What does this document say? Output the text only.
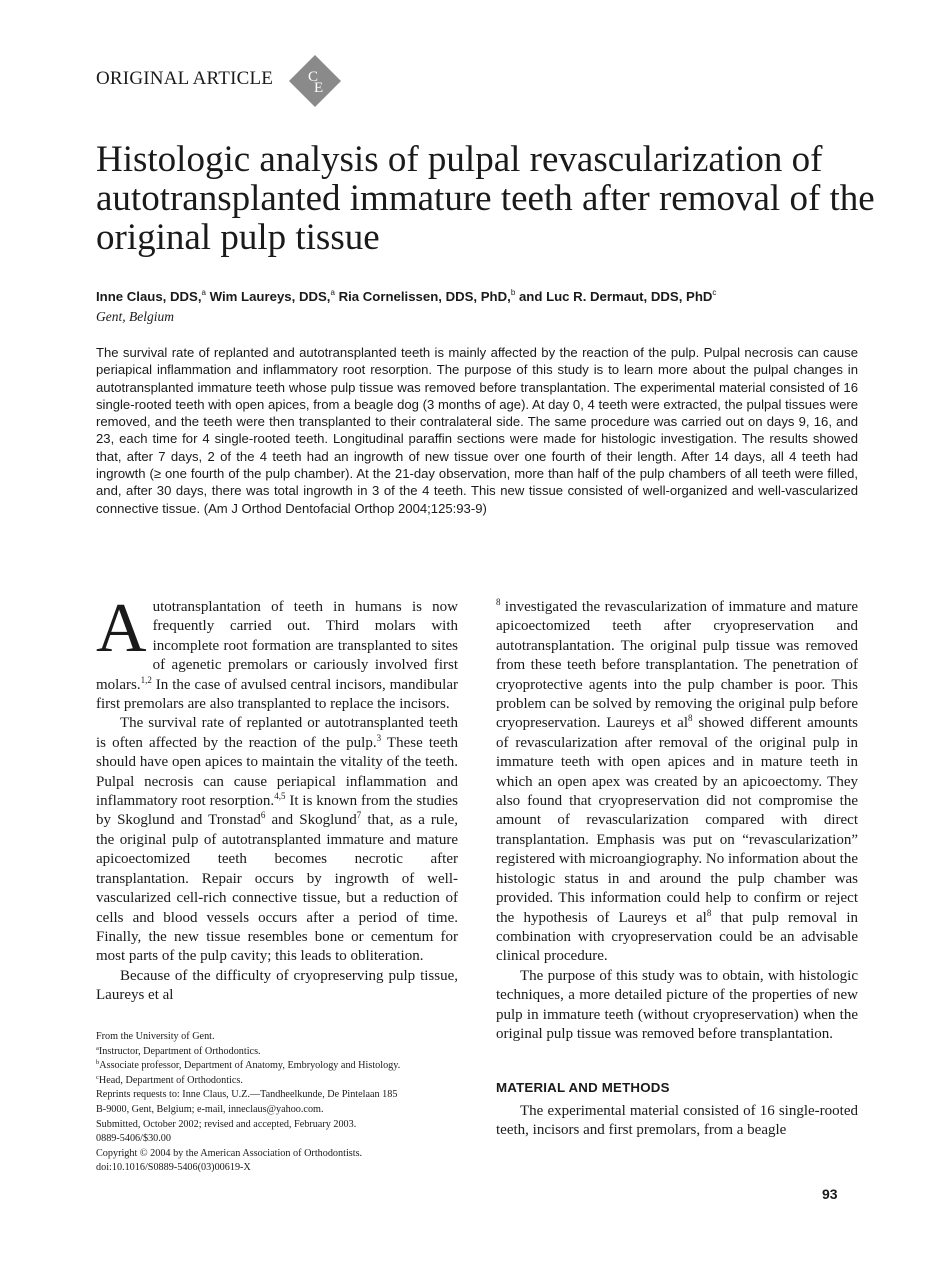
ORIGINAL ARTICLE C
E
Histologic analysis of pulpal revascularization of autotransplanted immature teeth after removal of the original pulp tissue
Inne Claus, DDS,$^a$ Wim Laureys, DDS,$^a$ Ria Cornelissen, DDS, PhD,$^b$ and Luc R. Dermaut, DDS, PhD$^c$
Gent, Belgium

The survival rate of replanted and autotransplanted teeth is mainly affected by the reaction of the pulp. Pulpal necrosis can cause periapical inflammation and inflammatory root resorption. The purpose of this study is to learn more about the pulpal changes in autotransplanted immature teeth whose pulp tissue was removed before transplantation. The experimental material consisted of 16 single-rooted teeth with open apices, from a beagle dog (3 months of age). At day 0, 4 teeth were extracted, the pulpal tissues were removed, and the teeth were then transplanted to their contralateral side. The same procedure was carried out on days 9, 16, and 23, each time for 4 single-rooted teeth. Longitudinal paraffin sections were made for histologic investigation. The results showed that, after 7 days, 2 of the 4 teeth had an ingrowth of new tissue over one fourth of their length. After 14 days, all 4 teeth had ingrowth (≥ one fourth of the pulp chamber). At the 21-day observation, more than half of the pulp chambers of all teeth were filled, and, after 30 days, there was total ingrowth in 3 of the 4 teeth. This new tissue consisted of well-organized and well-vascularized connective tissue. (Am J Orthod Dentofacial Orthop 2004;125:93-9)

Autotransplantation of teeth in humans is now frequently carried out. Third molars with incomplete root formation are transplanted to sites of agenetic premolars or cariously involved first molars.$^{1,2}$ In the case of avulsed central incisors, mandibular first premolars are also transplanted to replace the incisors.

The survival rate of replanted or autotransplanted teeth is often affected by the reaction of the pulp.$^3$ These teeth should have open apices to maintain the vitality of the teeth. Pulpal necrosis can cause periapical inflammation and inflammatory root resorption.$^{4,5}$ It is known from the studies by Skoglund and Tronstad$^6$ and Skoglund$^7$ that, as a rule, the original pulp of autotransplanted immature and mature apicoectomized teeth becomes necrotic after transplantation. Repair occurs by ingrowth of well-vascularized cell-rich connective tissue, but a reduction of cells and blood vessels occurs after a period of time. Finally, the new tissue resembles bone or cementum for most parts of the pulp cavity; this leads to obliteration.

Because of the difficulty of cryopreserving pulp tissue, Laureys et al

$^8$ investigated the revascularization of immature and mature apicoectomized teeth after cryopreservation and autotransplantation. The original pulp tissue was removed from these teeth before transplantation. The penetration of cryoprotective agents into the pulp chamber is poor. This problem can be solved by removing the original pulp before cryopreservation. Laureys et $al^8$ showed different amounts of revascularization after removal of the original pulp in immature teeth with open apices and in mature teeth in which an open apex was created by an apicoectomy. They also found that cryopreservation did not compromise the amount of revascularization compared with direct transplantation. Emphasis was put on “revascularization” registered with microangiography. No information about the histologic status in and around the pulp chamber was provided. This information could help to confirm or reject the hypothesis of Laureys et $al^8$ that pulp removal in combination with cryopreservation could be an advisable clinical procedure.

The purpose of this study was to obtain, with histologic techniques, a more detailed picture of the properties of new pulp in immature teeth (without cryopreservation) when the original pulp tissue was removed before transplantation.

MATERIAL AND METHODS

The experimental material consisted of 16 single-rooted teeth, incisors and first premolars, from a beagle

From the University of Gent.
$^a$Instructor, Department of Orthodontics.
$^b$Associate professor, Department of Anatomy, Embryology and Histology.
$^c$Head, Department of Orthodontics.
Reprints requests to: Inne Claus, U.Z.—Tandheelkunde, De Pintelaan 185
B-9000, Gent, Belgium; e-mail, inneclaus@yahoo.com.
Submitted, October 2002; revised and accepted, February 2003.
0889-5406/$30.00
Copyright © 2004 by the American Association of Orthodontists.
doi:10.1016/S0889-5406(03)00619-X
93
